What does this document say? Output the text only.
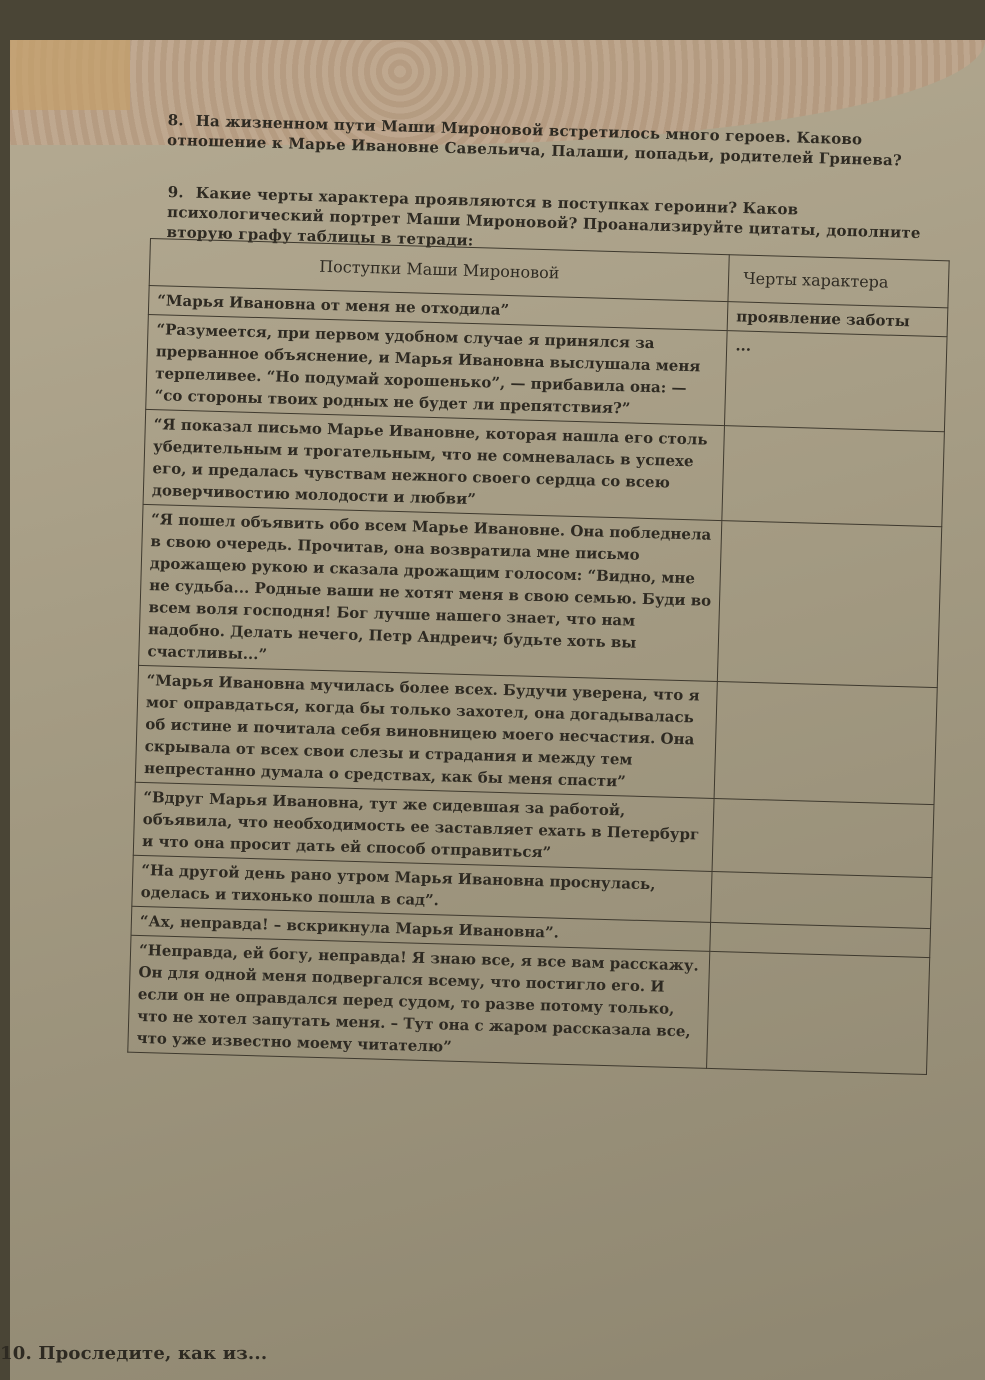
8. На жизненном пути Маши Мироновой встретилось много героев. Каково отношение к Марье Ивановне Савельича, Палаши, попадьи, родителей Гринева?
9. Какие черты характера проявляются в поступках героини? Каков психологический портрет Маши Мироновой? Проанализируйте цитаты, дополните вторую графу таблицы в тетради:
Поступки Маши Мироновой	Черты характера
“Марья Ивановна от меня не отходила”	проявление заботы
“Разумеется, при первом удобном случае я принялся за прерванное объяснение, и Марья Ивановна выслушала меня терпеливее. “Но подумай хорошенько”, — прибавила она: — “со стороны твоих родных не будет ли препятствия?”	...
“Я показал письмо Марье Ивановне, которая нашла его столь убедительным и трогательным, что не сомневалась в успехе его, и предалась чувствам нежного своего сердца со всею доверчивостию молодости и любви”	
“Я пошел объявить обо всем Марье Ивановне. Она побледнела в свою очередь. Прочитав, она возвратила мне письмо дрожащею рукою и сказала дрожащим голосом: “Видно, мне не судьба... Родные ваши не хотят меня в свою семью. Буди во всем воля господня! Бог лучше нашего знает, что нам надобно. Делать нечего, Петр Андреич; будьте хоть вы счастливы...”	
“Марья Ивановна мучилась более всех. Будучи уверена, что я мог оправдаться, когда бы только захотел, она догадывалась об истине и почитала себя виновницею моего несчастия. Она скрывала от всех свои слезы и страдания и между тем непрестанно думала о средствах, как бы меня спасти”	
“Вдруг Марья Ивановна, тут же сидевшая за работой, объявила, что необходимость ее заставляет ехать в Петербург и что она просит дать ей способ отправиться”	
“На другой день рано утром Марья Ивановна проснулась, оделась и тихонько пошла в сад”.	
“Ах, неправда! – вскрикнула Марья Ивановна”.	
“Неправда, ей богу, неправда! Я знаю все, я все вам расскажу. Он для одной меня подвергался всему, что постигло его. И если он не оправдался перед судом, то разве потому только, что не хотел запутать меня. – Тут она с жаром рассказала все, что уже известно моему читателю”	
10. Проследите, как из...
